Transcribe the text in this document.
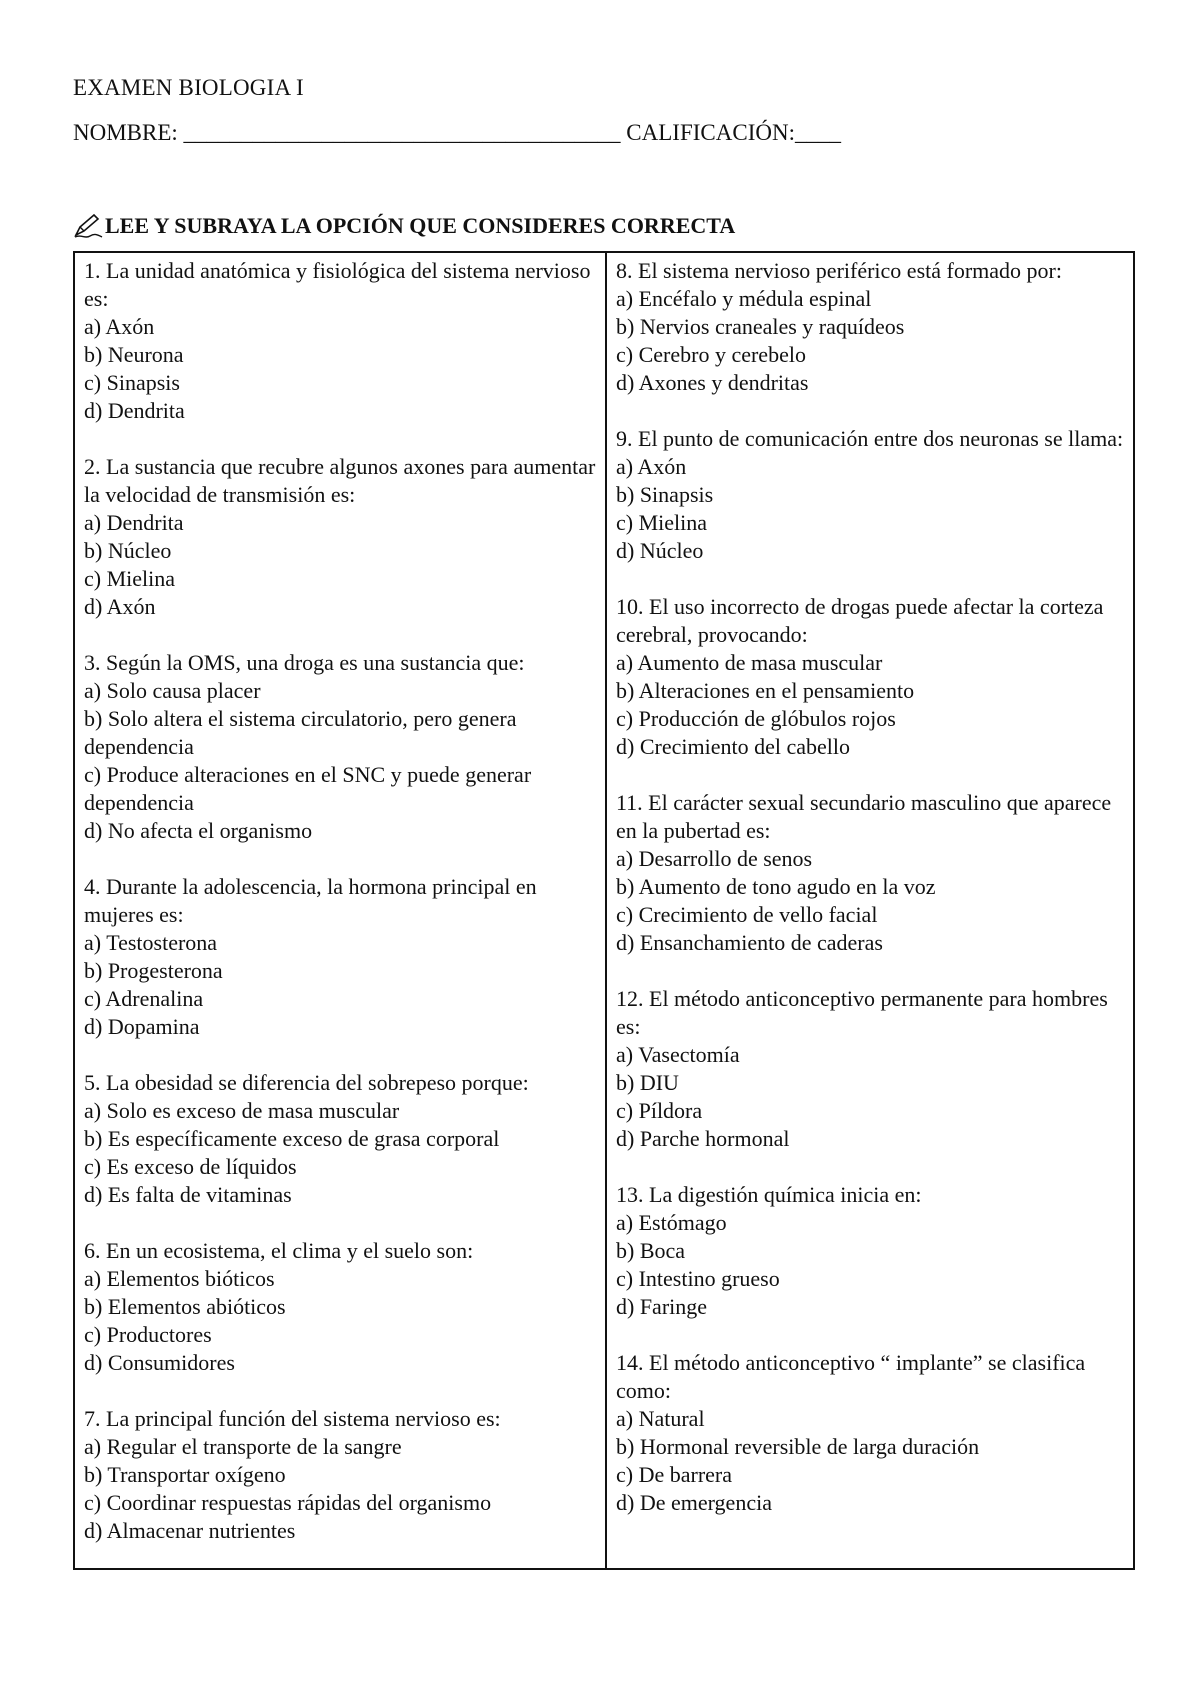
EXAMEN BIOLOGIA I
NOMBRE: ______________________________________ CALIFICACIÓN:____
LEE Y SUBRAYA LA OPCIÓN QUE CONSIDERES CORRECTA
1. La unidad anatómica y fisiológica del sistema nervioso es:
a) Axón
b) Neurona
c) Sinapsis
d) Dendrita
2. La sustancia que recubre algunos axones para aumentar la velocidad de transmisión es:
a) Dendrita
b) Núcleo
c) Mielina
d) Axón
3. Según la OMS, una droga es una sustancia que:
a) Solo causa placer
b) Solo altera el sistema circulatorio, pero genera dependencia
c) Produce alteraciones en el SNC y puede generar dependencia
d) No afecta el organismo
4. Durante la adolescencia, la hormona principal en mujeres es:
a) Testosterona
b) Progesterona
c) Adrenalina
d) Dopamina
5. La obesidad se diferencia del sobrepeso porque:
a) Solo es exceso de masa muscular
b) Es específicamente exceso de grasa corporal
c) Es exceso de líquidos
d) Es falta de vitaminas
6. En un ecosistema, el clima y el suelo son:
a) Elementos bióticos
b) Elementos abióticos
c) Productores
d) Consumidores
7. La principal función del sistema nervioso es:
a) Regular el transporte de la sangre
b) Transportar oxígeno
c) Coordinar respuestas rápidas del organismo
d) Almacenar nutrientes
8. El sistema nervioso periférico está formado por:
a) Encéfalo y médula espinal
b) Nervios craneales y raquídeos
c) Cerebro y cerebelo
d) Axones y dendritas
9. El punto de comunicación entre dos neuronas se llama:
a) Axón
b) Sinapsis
c) Mielina
d) Núcleo
10. El uso incorrecto de drogas puede afectar la corteza cerebral, provocando:
a) Aumento de masa muscular
b) Alteraciones en el pensamiento
c) Producción de glóbulos rojos
d) Crecimiento del cabello
11. El carácter sexual secundario masculino que aparece en la pubertad es:
a) Desarrollo de senos
b) Aumento de tono agudo en la voz
c) Crecimiento de vello facial
d) Ensanchamiento de caderas
12. El método anticonceptivo permanente para hombres es:
a) Vasectomía
b) DIU
c) Píldora
d) Parche hormonal
13. La digestión química inicia en:
a) Estómago
b) Boca
c) Intestino grueso
d) Faringe
14. El método anticonceptivo “ implante” se clasifica como:
a) Natural
b) Hormonal reversible de larga duración
c) De barrera
d) De emergencia
